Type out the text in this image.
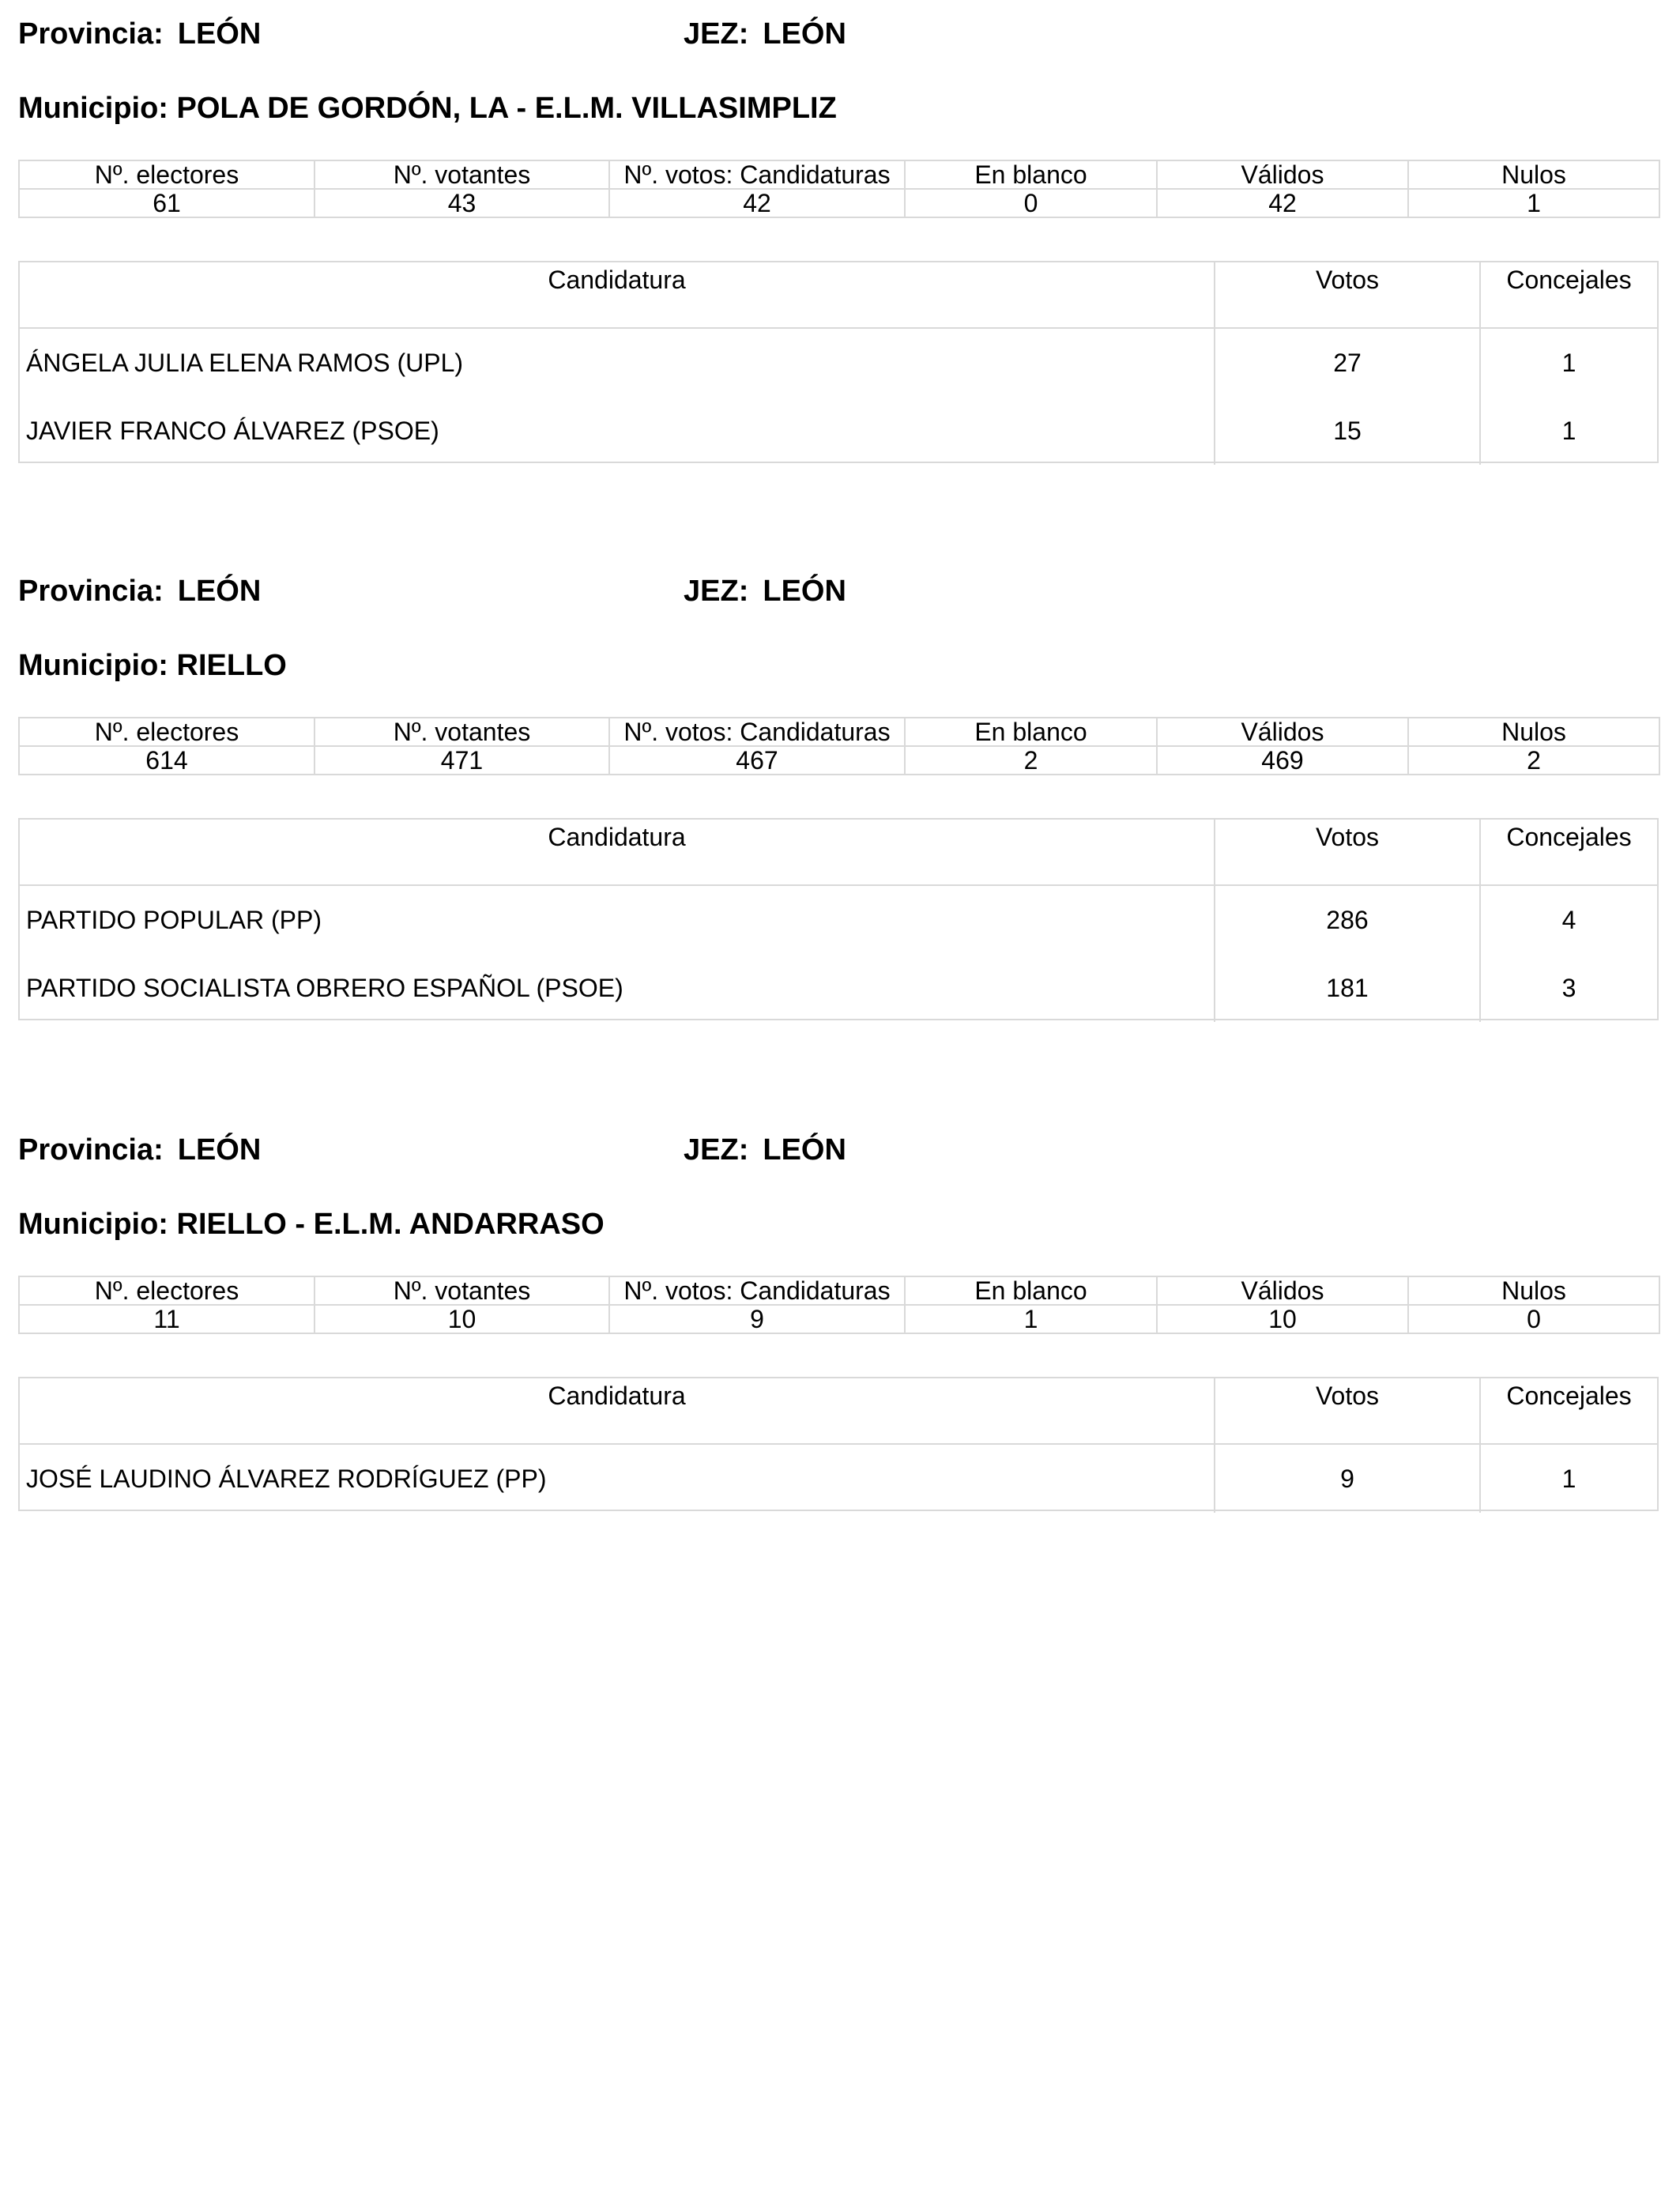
Provincia: LEÓN	JEZ: LEÓN
Municipio: POLA DE GORDÓN, LA - E.L.M. VILLASIMPLIZ
Nº. electores	Nº. votantes	Nº. votos: Candidaturas	En blanco	Válidos	Nulos
61	43	42	0	42	1
Candidatura	Votos	Concejales
ÁNGELA JULIA ELENA RAMOS (UPL)	27	1
JAVIER FRANCO ÁLVAREZ (PSOE)	15	1
Provincia: LEÓN	JEZ: LEÓN
Municipio: RIELLO
Nº. electores	Nº. votantes	Nº. votos: Candidaturas	En blanco	Válidos	Nulos
614	471	467	2	469	2
Candidatura	Votos	Concejales
PARTIDO POPULAR (PP)	286	4
PARTIDO SOCIALISTA OBRERO ESPAÑOL (PSOE)	181	3
Provincia: LEÓN	JEZ: LEÓN
Municipio: RIELLO - E.L.M. ANDARRASO
Nº. electores	Nº. votantes	Nº. votos: Candidaturas	En blanco	Válidos	Nulos
11	10	9	1	10	0
Candidatura	Votos	Concejales
JOSÉ LAUDINO ÁLVAREZ RODRÍGUEZ (PP)	9	1
